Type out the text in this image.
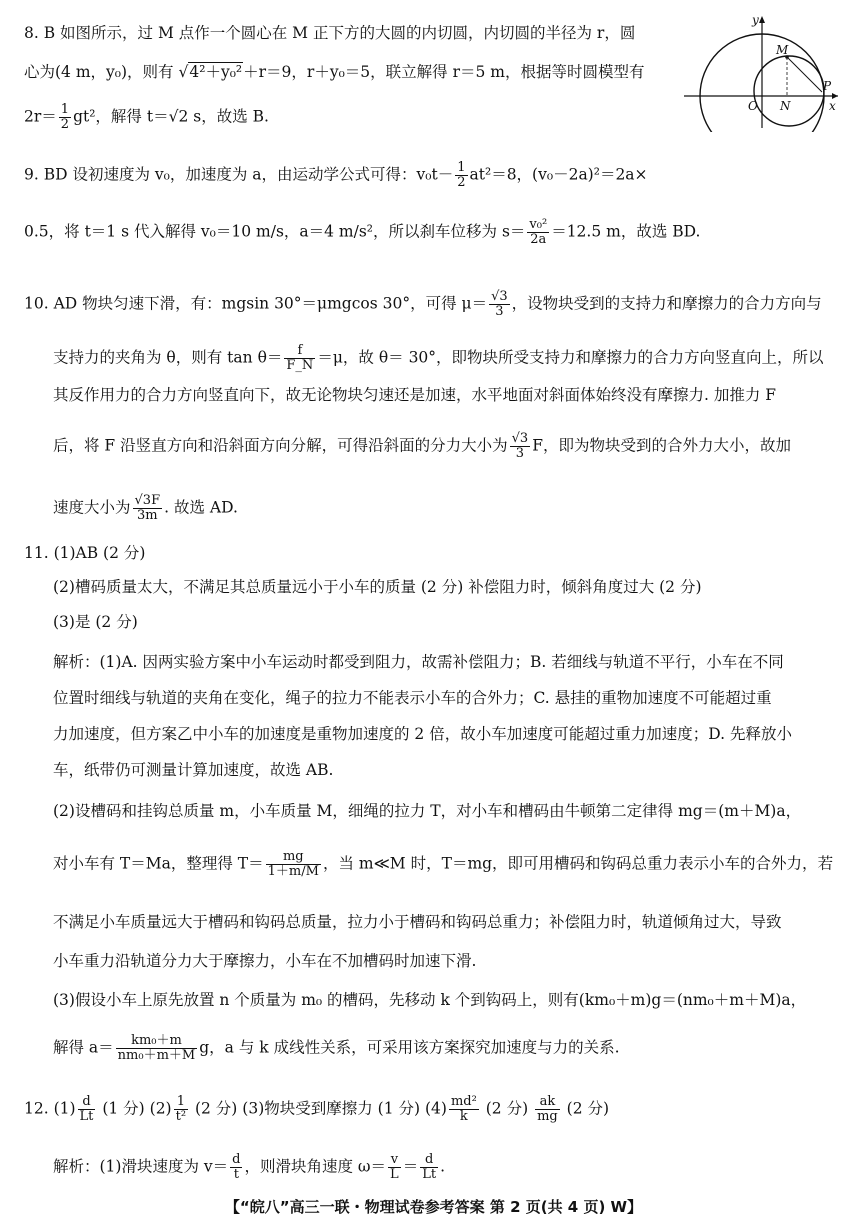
y
x
M
O N
P
8. B 如图所示，过 M 点作一个圆心在 M 正下方的大圆的内切圆，内切圆的半径为 r，圆
心为(4 m，y₀)，则有 √4²＋y₀²＋r＝9，r＋y₀＝5，联立解得 r＝5 m，根据等时圆模型有
$2r= \frac{1}{2} gt^2$，解得 t＝√2 s，故选 B.
9. BD 设初速度为 v₀，加速度为 a，由运动学公式可得：$v_0t- \frac{1}{2} at^2=8$，(v₀－2a)²＝2a×
0.5，将 t＝1 s 代入解得 v₀＝10 m/s，a＝4 m/s²，所以刹车位移为 $s= \frac{\text{v₀²}}{2a} =12.5$ m，故选 BD.
10. AD 物块匀速下滑，有：mgsin 30°＝μmgcos 30°，可得 $\mu= \frac{√3}{3}$ ，设物块受到的支持力和摩擦力的合力方向与
支持力的夹角为 θ，则有 $\tan \theta= \frac{f}{F\_N} =\mu$，故 θ＝ 30°，即物块所受支持力和摩擦力的合力方向竖直向上，所以
其反作用力的合力方向竖直向下，故无论物块匀速还是加速，水平地面对斜面体始终没有摩擦力. 加推力 F
后，将 F 沿竖直方向和沿斜面方向分解，可得沿斜面的分力大小为 $\frac{√3}{3}$ F，即为物块受到的合外力大小，故加
速度大小为 $\frac{√3F}{3m}$ . 故选 AD.
11. (1)AB (2 分)
(2)槽码质量太大，不满足其总质量远小于小车的质量 (2 分) 补偿阻力时，倾斜角度过大 (2 分)
(3)是 (2 分)
解析：(1)A. 因两实验方案中小车运动时都受到阻力，故需补偿阻力；B. 若细线与轨道不平行，小车在不同
位置时细线与轨道的夹角在变化，绳子的拉力不能表示小车的合外力；C. 悬挂的重物加速度不可能超过重
力加速度，但方案乙中小车的加速度是重物加速度的 2 倍，故小车加速度可能超过重力加速度；D. 先释放小
车，纸带仍可测量计算加速度，故选 AB.
(2)设槽码和挂钩总质量 m，小车质量 M，细绳的拉力 T，对小车和槽码由牛顿第二定律得 mg＝(m＋M)a，
对小车有 T＝Ma，整理得 $T= \frac{mg}{1+m/M}$ ，当 m≪M 时，T＝mg，即可用槽码和钩码总重力表示小车的合外力，若
不满足小车质量远大于槽码和钩码总质量，拉力小于槽码和钩码总重力；补偿阻力时，轨道倾角过大，导致
小车重力沿轨道分力大于摩擦力，小车在不加槽码时加速下滑.
(3)假设小车上原先放置 n 个质量为 m₀ 的槽码，先移动 k 个到钩码上，则有(km₀＋m)g＝(nm₀＋m＋M)a，
解得 $a= \frac{\text{km₀＋m}}{\text{nm₀＋m＋M}}$ g，a 与 k 成线性关系，可采用该方案探究加速度与力的关系.
12. $(1) \frac{d}{Lt} (1$ 分) $(2) \frac{1}{\text{t²}} (2$ 分) (3)物块受到摩擦力 (1 分) $(4) \frac{\text{md²}}{k} (2$ 分) $\frac{ak}{mg} (2$ 分)
解析：(1)滑块速度为 $v= \frac{d}{t}$ ，则滑块角速度 $\omega= \frac{v}{L} = \frac{d}{Lt}$ .
【“皖八”高三一联・物理试卷参考答案 第 2 页(共 4 页) W】
